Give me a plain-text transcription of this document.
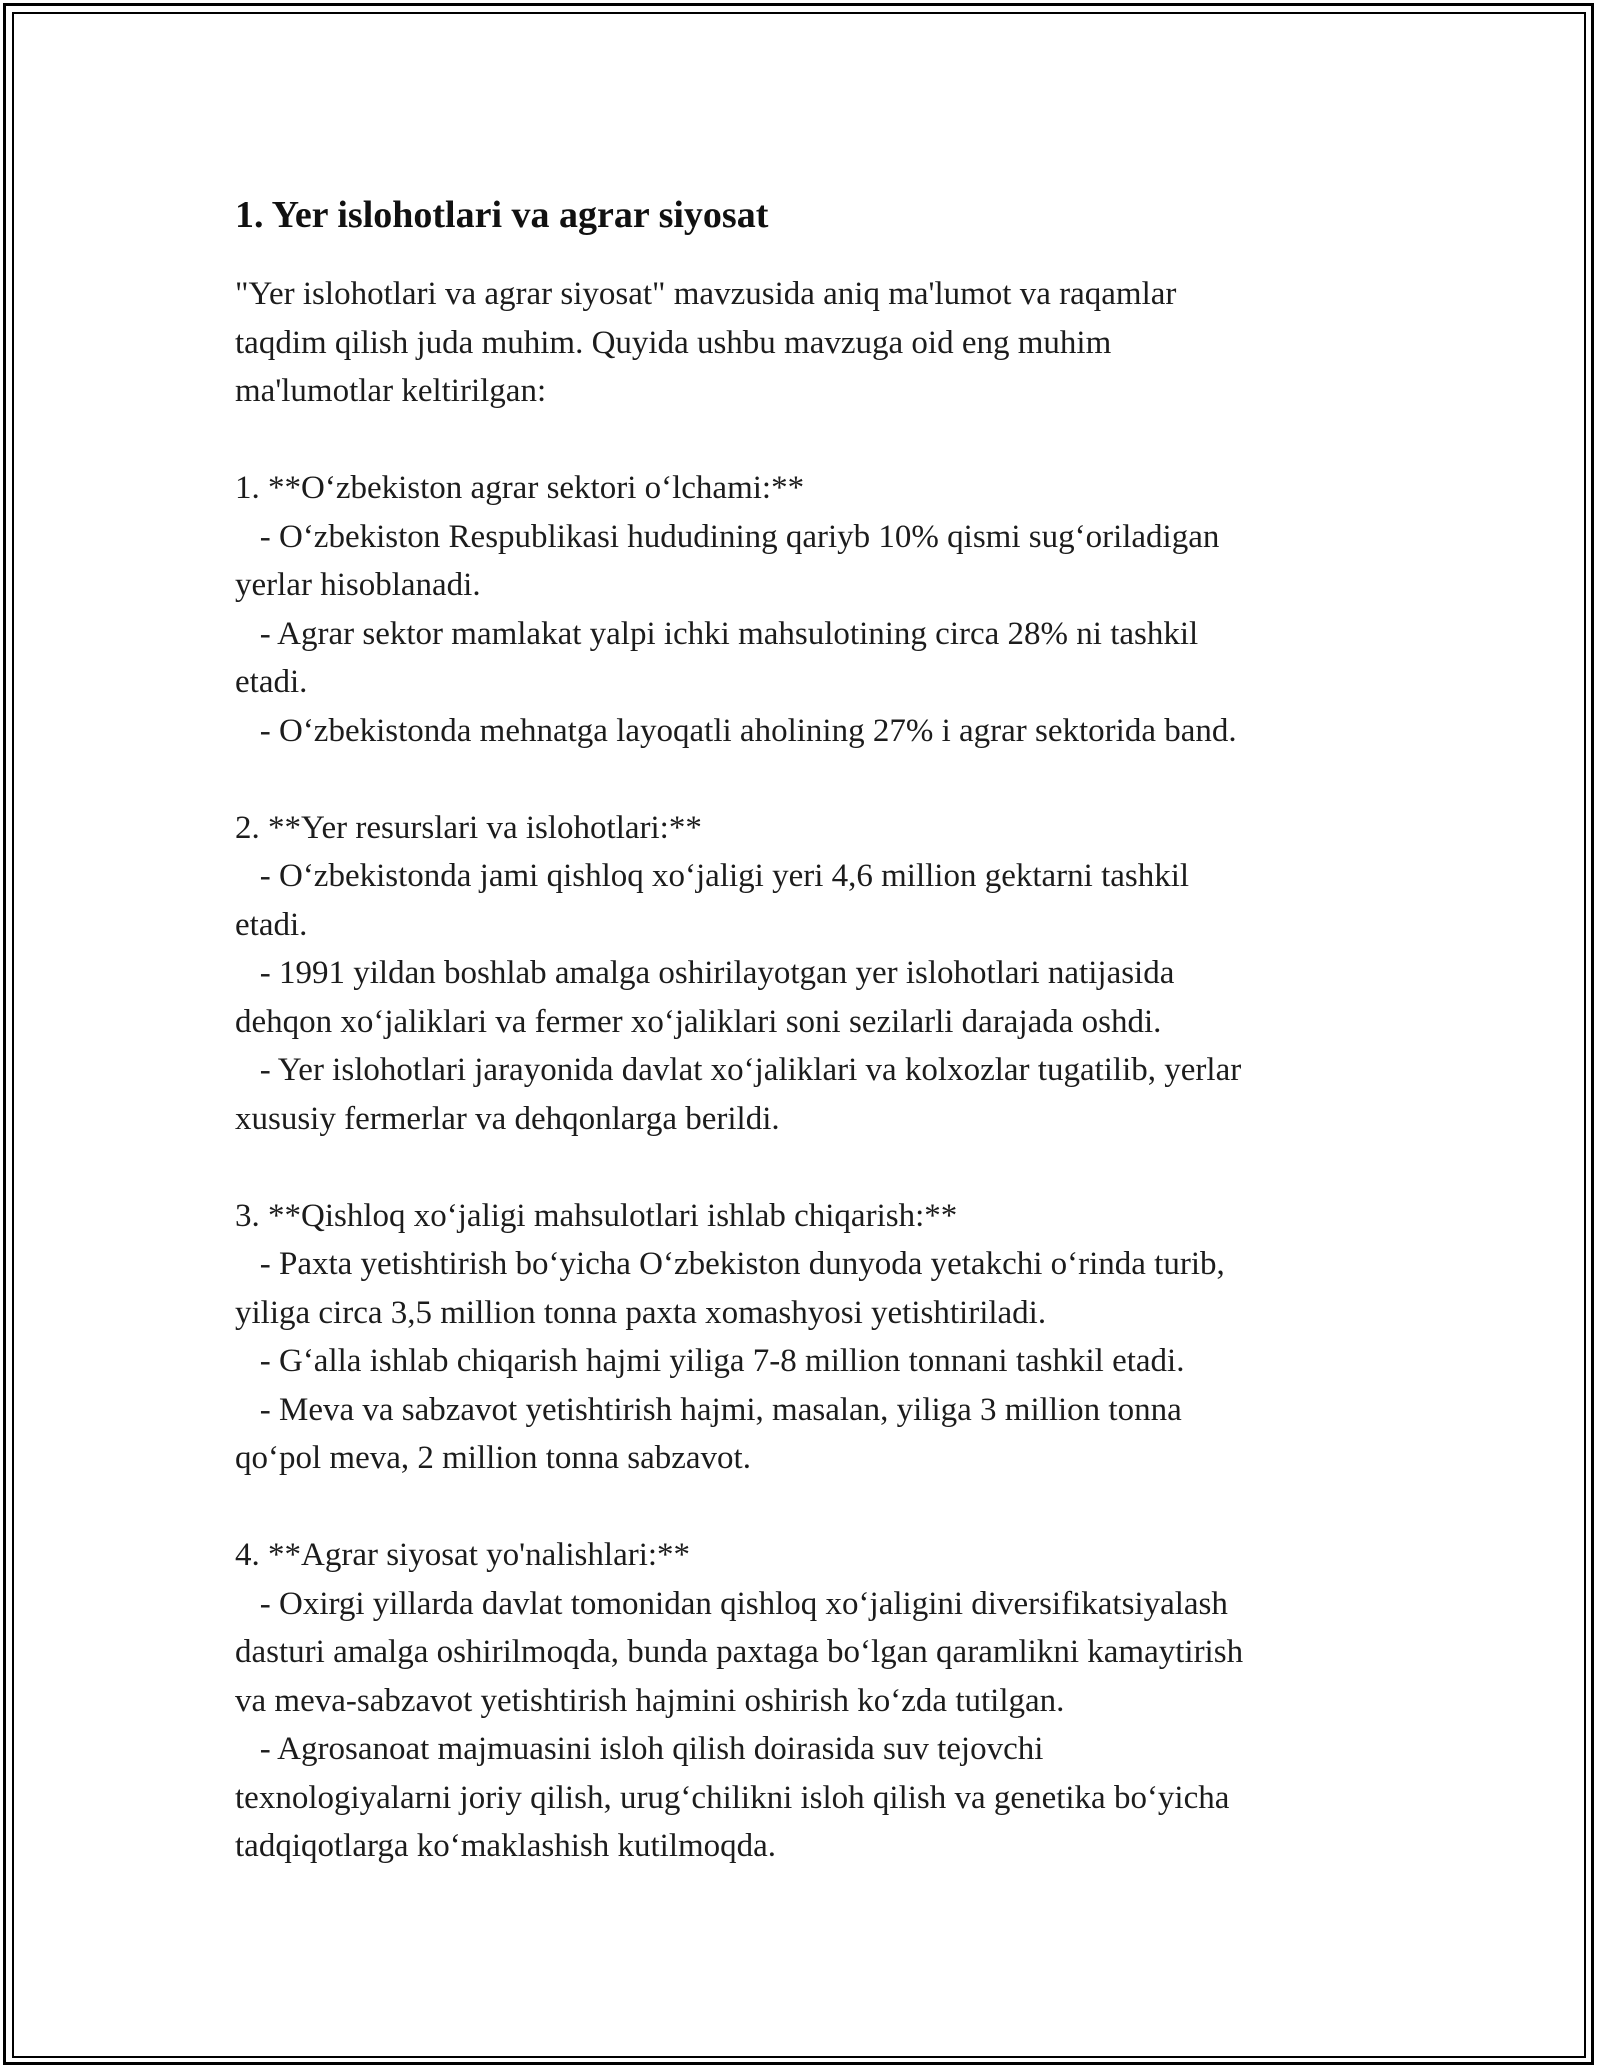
1. Yer islohotlari va agrar siyosat

"Yer islohotlari va agrar siyosat" mavzusida aniq ma'lumot va raqamlar
taqdim qilish juda muhim. Quyida ushbu mavzuga oid eng muhim
ma'lumotlar keltirilgan:

1. **Oʻzbekiston agrar sektori oʻlchami:**
- Oʻzbekiston Respublikasi hududining qariyb 10% qismi sugʻoriladigan
yerlar hisoblanadi.
- Agrar sektor mamlakat yalpi ichki mahsulotining circa 28% ni tashkil
etadi.
- Oʻzbekistonda mehnatga layoqatli aholining 27% i agrar sektorida band.

2. **Yer resurslari va islohotlari:**
- Oʻzbekistonda jami qishloq xoʻjaligi yeri 4,6 million gektarni tashkil
etadi.
- 1991 yildan boshlab amalga oshirilayotgan yer islohotlari natijasida
dehqon xoʻjaliklari va fermer xoʻjaliklari soni sezilarli darajada oshdi.
- Yer islohotlari jarayonida davlat xoʻjaliklari va kolxozlar tugatilib, yerlar
xususiy fermerlar va dehqonlarga berildi.

3. **Qishloq xoʻjaligi mahsulotlari ishlab chiqarish:**
- Paxta yetishtirish boʻyicha Oʻzbekiston dunyoda yetakchi oʻrinda turib,
yiliga circa 3,5 million tonna paxta xomashyosi yetishtiriladi.
- Gʻalla ishlab chiqarish hajmi yiliga 7-8 million tonnani tashkil etadi.
- Meva va sabzavot yetishtirish hajmi, masalan, yiliga 3 million tonna
qoʻpol meva, 2 million tonna sabzavot.

4. **Agrar siyosat yo'nalishlari:**
- Oxirgi yillarda davlat tomonidan qishloq xoʻjaligini diversifikatsiyalash
dasturi amalga oshirilmoqda, bunda paxtaga boʻlgan qaramlikni kamaytirish
va meva-sabzavot yetishtirish hajmini oshirish koʻzda tutilgan.
- Agrosanoat majmuasini isloh qilish doirasida suv tejovchi
texnologiyalarni joriy qilish, urugʻchilikni isloh qilish va genetika boʻyicha
tadqiqotlarga koʻmaklashish kutilmoqda.
